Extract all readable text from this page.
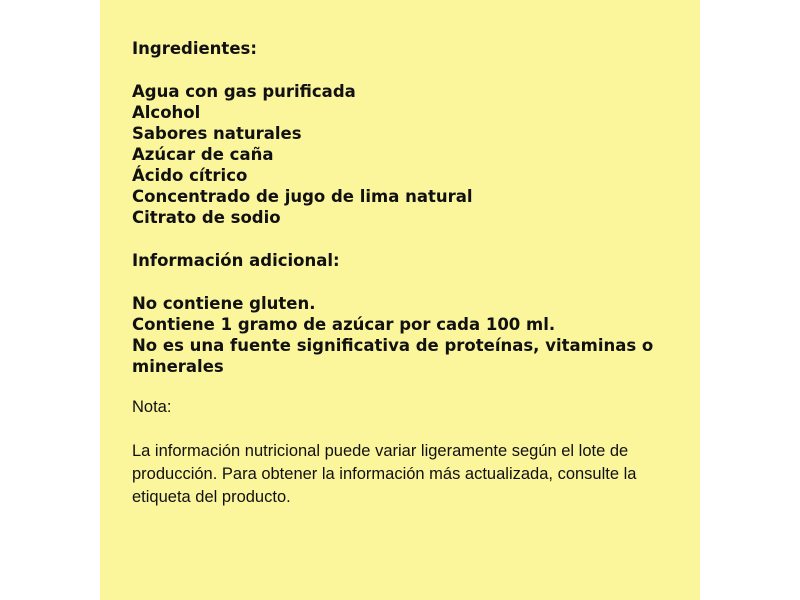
Ingredientes:

Agua con gas purificada
Alcohol
Sabores naturales
Azúcar de caña
Ácido cítrico
Concentrado de jugo de lima natural
Citrato de sodio

Información adicional:

No contiene gluten.
Contiene 1 gramo de azúcar por cada 100 ml.
No es una fuente significativa de proteínas, vitaminas o minerales

Nota:

La información nutricional puede variar ligeramente según el lote de producción. Para obtener la información más actualizada, consulte la etiqueta del producto.
